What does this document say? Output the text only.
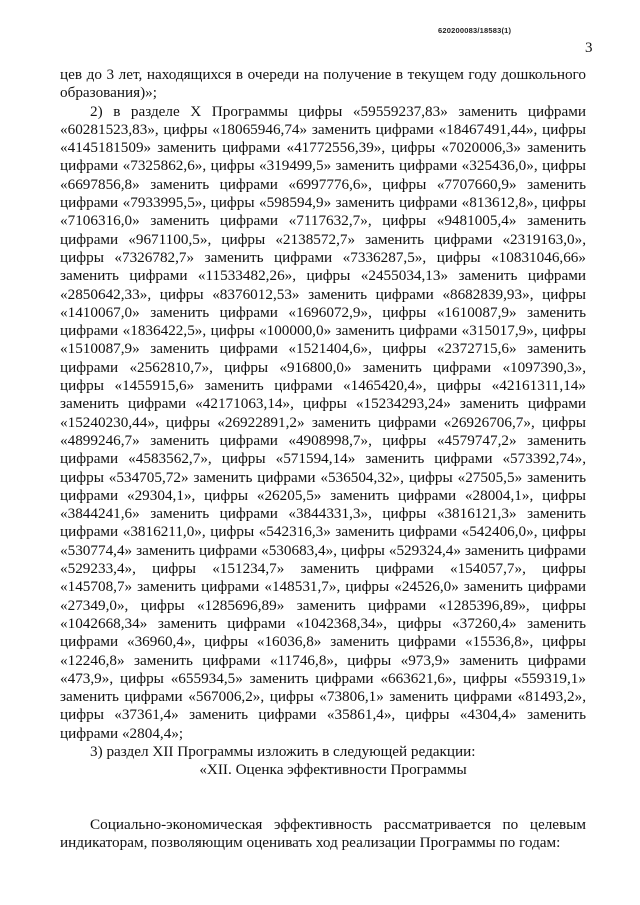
620200083/18583(1)
3

цев до 3 лет, находящихся в очереди на получение в текущем году дошкольного образования)»;

2) в разделе X Программы цифры «59559237,83» заменить цифрами «60281523,83», цифры «18065946,74» заменить цифрами «18467491,44», цифры «4145181509» заменить цифрами «41772556,39», цифры «7020006,3» заменить цифрами «7325862,6», цифры «319499,5» заменить цифрами «325436,0», цифры «6697856,8» заменить цифрами «6997776,6», цифры «7707660,9» заменить цифрами «7933995,5», цифры «598594,9» заменить цифрами «813612,8», цифры «7106316,0» заменить цифрами «7117632,7», цифры «9481005,4» заменить цифрами «9671100,5», цифры «2138572,7» заменить цифрами «2319163,0», цифры «7326782,7» заменить цифрами «7336287,5», цифры «10831046,66» заменить цифрами «11533482,26», цифры «2455034,13» заменить цифрами «2850642,33», цифры «8376012,53» заменить цифрами «8682839,93», цифры «1410067,0» заменить цифрами «1696072,9», цифры «1610087,9» заменить цифрами «1836422,5», цифры «100000,0» заменить цифрами «315017,9», цифры «1510087,9» заменить цифрами «1521404,6», цифры «2372715,6» заменить цифрами «2562810,7», цифры «916800,0» заменить цифрами «1097390,3», цифры «1455915,6» заменить цифрами «1465420,4», цифры «42161311,14» заменить цифрами «42171063,14», цифры «15234293,24» заменить цифрами «15240230,44», цифры «26922891,2» заменить цифрами «26926706,7», цифры «4899246,7» заменить цифрами «4908998,7», цифры «4579747,2» заменить цифрами «4583562,7», цифры «571594,14» заменить цифрами «573392,74», цифры «534705,72» заменить цифрами «536504,32», цифры «27505,5» заменить цифрами «29304,1», цифры «26205,5» заменить цифрами «28004,1», цифры «3844241,6» заменить цифрами «3844331,3», цифры «3816121,3» заменить цифрами «3816211,0», цифры «542316,3» заменить цифрами «542406,0», цифры «530774,4» заменить цифрами «530683,4», цифры «529324,4» заменить цифрами «529233,4», цифры «151234,7» заменить цифрами «154057,7», цифры «145708,7» заменить цифрами «148531,7», цифры «24526,0» заменить цифрами «27349,0», цифры «1285696,89» заменить цифрами «1285396,89», цифры «1042668,34» заменить цифрами «1042368,34», цифры «37260,4» заменить цифрами «36960,4», цифры «16036,8» заменить цифрами «15536,8», цифры «12246,8» заменить цифрами «11746,8», цифры «973,9» заменить цифрами «473,9», цифры «655934,5» заменить цифрами «663621,6», цифры «559319,1» заменить цифрами «567006,2», цифры «73806,1» заменить цифрами «81493,2», цифры «37361,4» заменить цифрами «35861,4», цифры «4304,4» заменить цифрами «2804,4»;

3) раздел XII Программы изложить в следующей редакции:

«XII. Оценка эффективности Программы

Социально-экономическая эффективность рассматривается по целевым индикаторам, позволяющим оценивать ход реализации Программы по годам:
